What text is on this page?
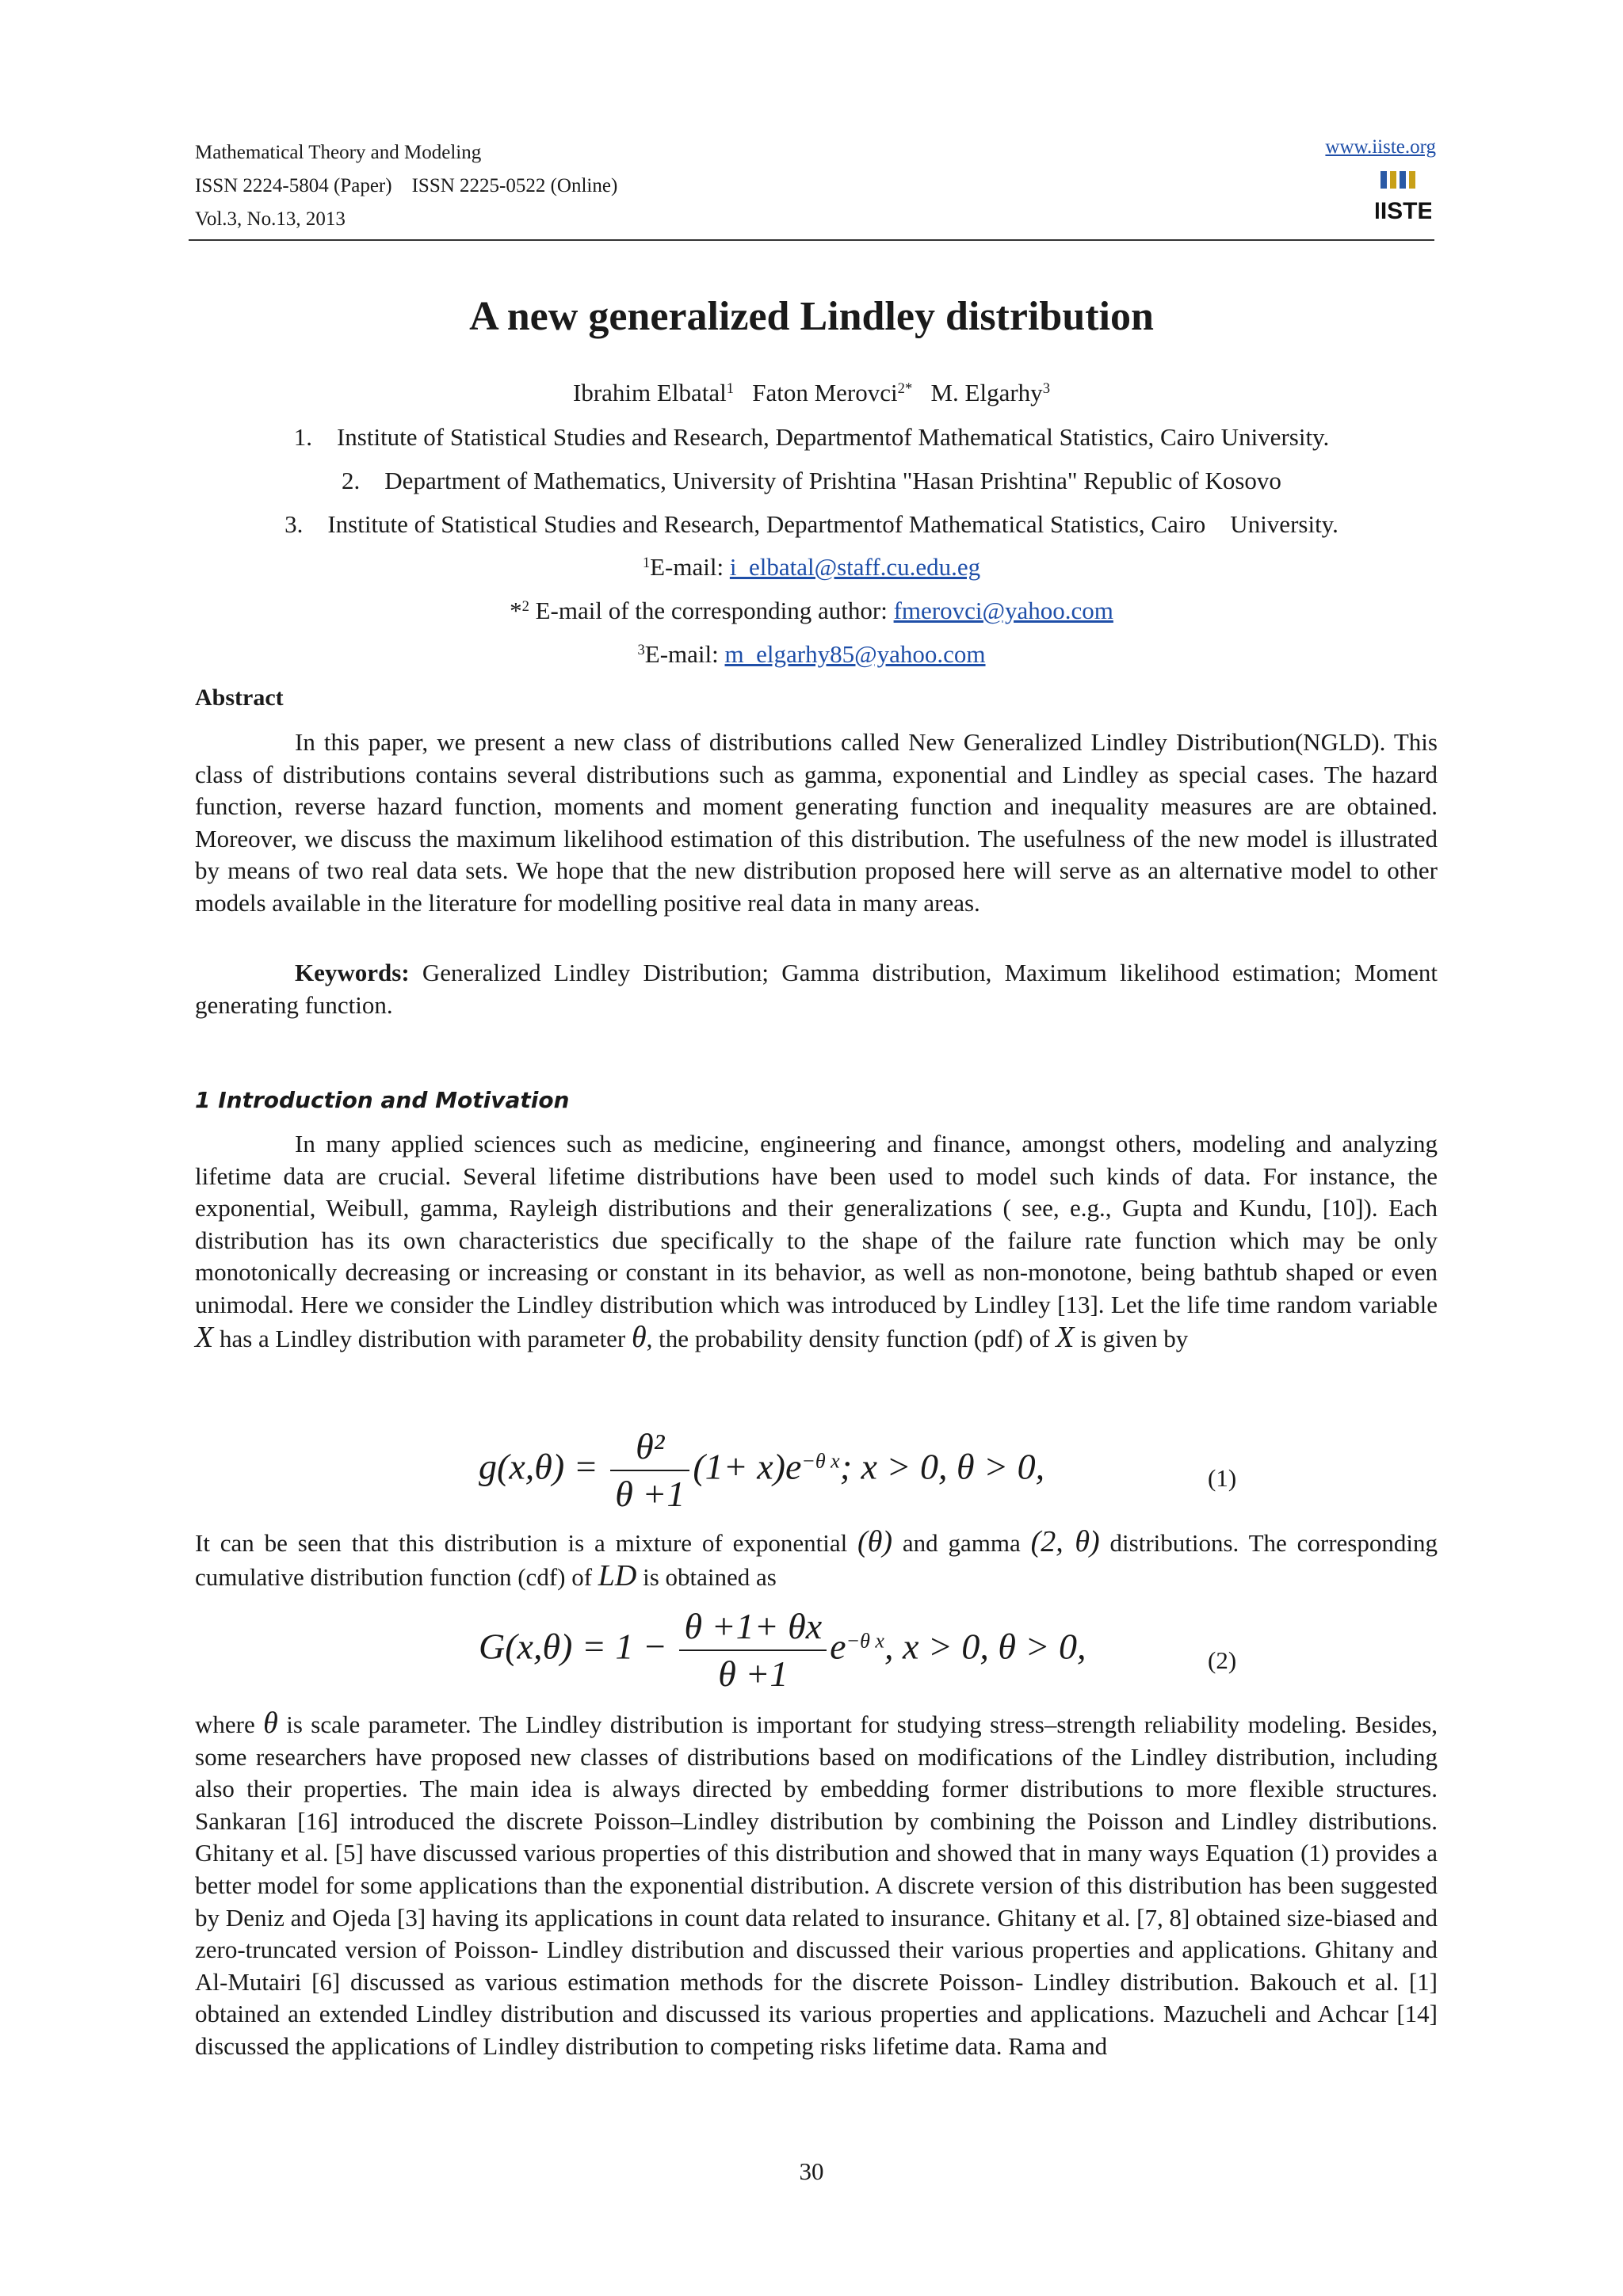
Mathematical Theory and Modeling
ISSN 2224-5804 (Paper)    ISSN 2225-0522 (Online)
Vol.3, No.13, 2013
www.iiste.org
IISTE
A new generalized Lindley distribution
Ibrahim Elbatal$^1$ Faton Merovci$^{2*}$ M. Elgarhy$^3$
1.    Institute of Statistical Studies and Research, Departmentof Mathematical Statistics, Cairo University.
2.    Department of Mathematics, University of Prishtina "Hasan Prishtina" Republic of Kosovo
3.    Institute of Statistical Studies and Research, Departmentof Mathematical Statistics, Cairo    University.
$^1$E-mail: i_elbatal@staff.cu.edu.eg
*$^2$ E-mail of the corresponding author: fmerovci@yahoo.com
$^3$E-mail: m_elgarhy85@yahoo.com
Abstract
In this paper, we present a new class of distributions called New Generalized Lindley Distribution(NGLD). This class of distributions contains several distributions such as gamma, exponential and Lindley as special cases. The hazard function, reverse hazard function, moments and moment generating function and inequality measures are are obtained. Moreover, we discuss the maximum likelihood estimation of this distribution. The usefulness of the new model is illustrated by means of two real data sets. We hope that the new distribution proposed here will serve as an alternative model to other models available in the literature for modelling positive real data in many areas.
Keywords: Generalized Lindley Distribution; Gamma distribution, Maximum likelihood estimation; Moment generating function.
1 Introduction and Motivation
In many applied sciences such as medicine, engineering and finance, amongst others, modeling and analyzing lifetime data are crucial. Several lifetime distributions have been used to model such kinds of data. For instance, the exponential, Weibull, gamma, Rayleigh distributions and their generalizations ( see, e.g., Gupta and Kundu, [10]). Each distribution has its own characteristics due specifically to the shape of the failure rate function which may be only monotonically decreasing or increasing or constant in its behavior, as well as non-monotone, being bathtub shaped or even unimodal. Here we consider the Lindley distribution which was introduced by Lindley [13]. Let the life time random variable X has a Lindley distribution with parameter θ, the probability density function (pdf) of X is given by
$g(x,\theta) = \frac{\text{θ²}}{\theta +1} (1+ x)e^{-\theta x}$; x > 0, θ > 0,	(1)
It can be seen that this distribution is a mixture of exponential (θ) and gamma (2, θ) distributions. The corresponding cumulative distribution function (cdf) of LD is obtained as
$G(x,\theta) = 1 - \frac{\theta +1+ \theta x}{\theta +1} e^{-\theta x}$, x > 0, θ > 0,	(2)
where θ is scale parameter. The Lindley distribution is important for studying stress–strength reliability modeling. Besides, some researchers have proposed new classes of distributions based on modifications of the Lindley distribution, including also their properties. The main idea is always directed by embedding former distributions to more flexible structures. Sankaran [16] introduced the discrete Poisson–Lindley distribution by combining the Poisson and Lindley distributions. Ghitany et al. [5] have discussed various properties of this distribution and showed that in many ways Equation (1) provides a better model for some applications than the exponential distribution. A discrete version of this distribution has been suggested by Deniz and Ojeda [3] having its applications in count data related to insurance. Ghitany et al. [7, 8] obtained size-biased and zero-truncated version of Poisson- Lindley distribution and discussed their various properties and applications. Ghitany and Al-Mutairi [6] discussed as various estimation methods for the discrete Poisson- Lindley distribution. Bakouch et al. [1] obtained an extended Lindley distribution and discussed its various properties and applications. Mazucheli and Achcar [14] discussed the applications of Lindley distribution to competing risks lifetime data. Rama and
30
